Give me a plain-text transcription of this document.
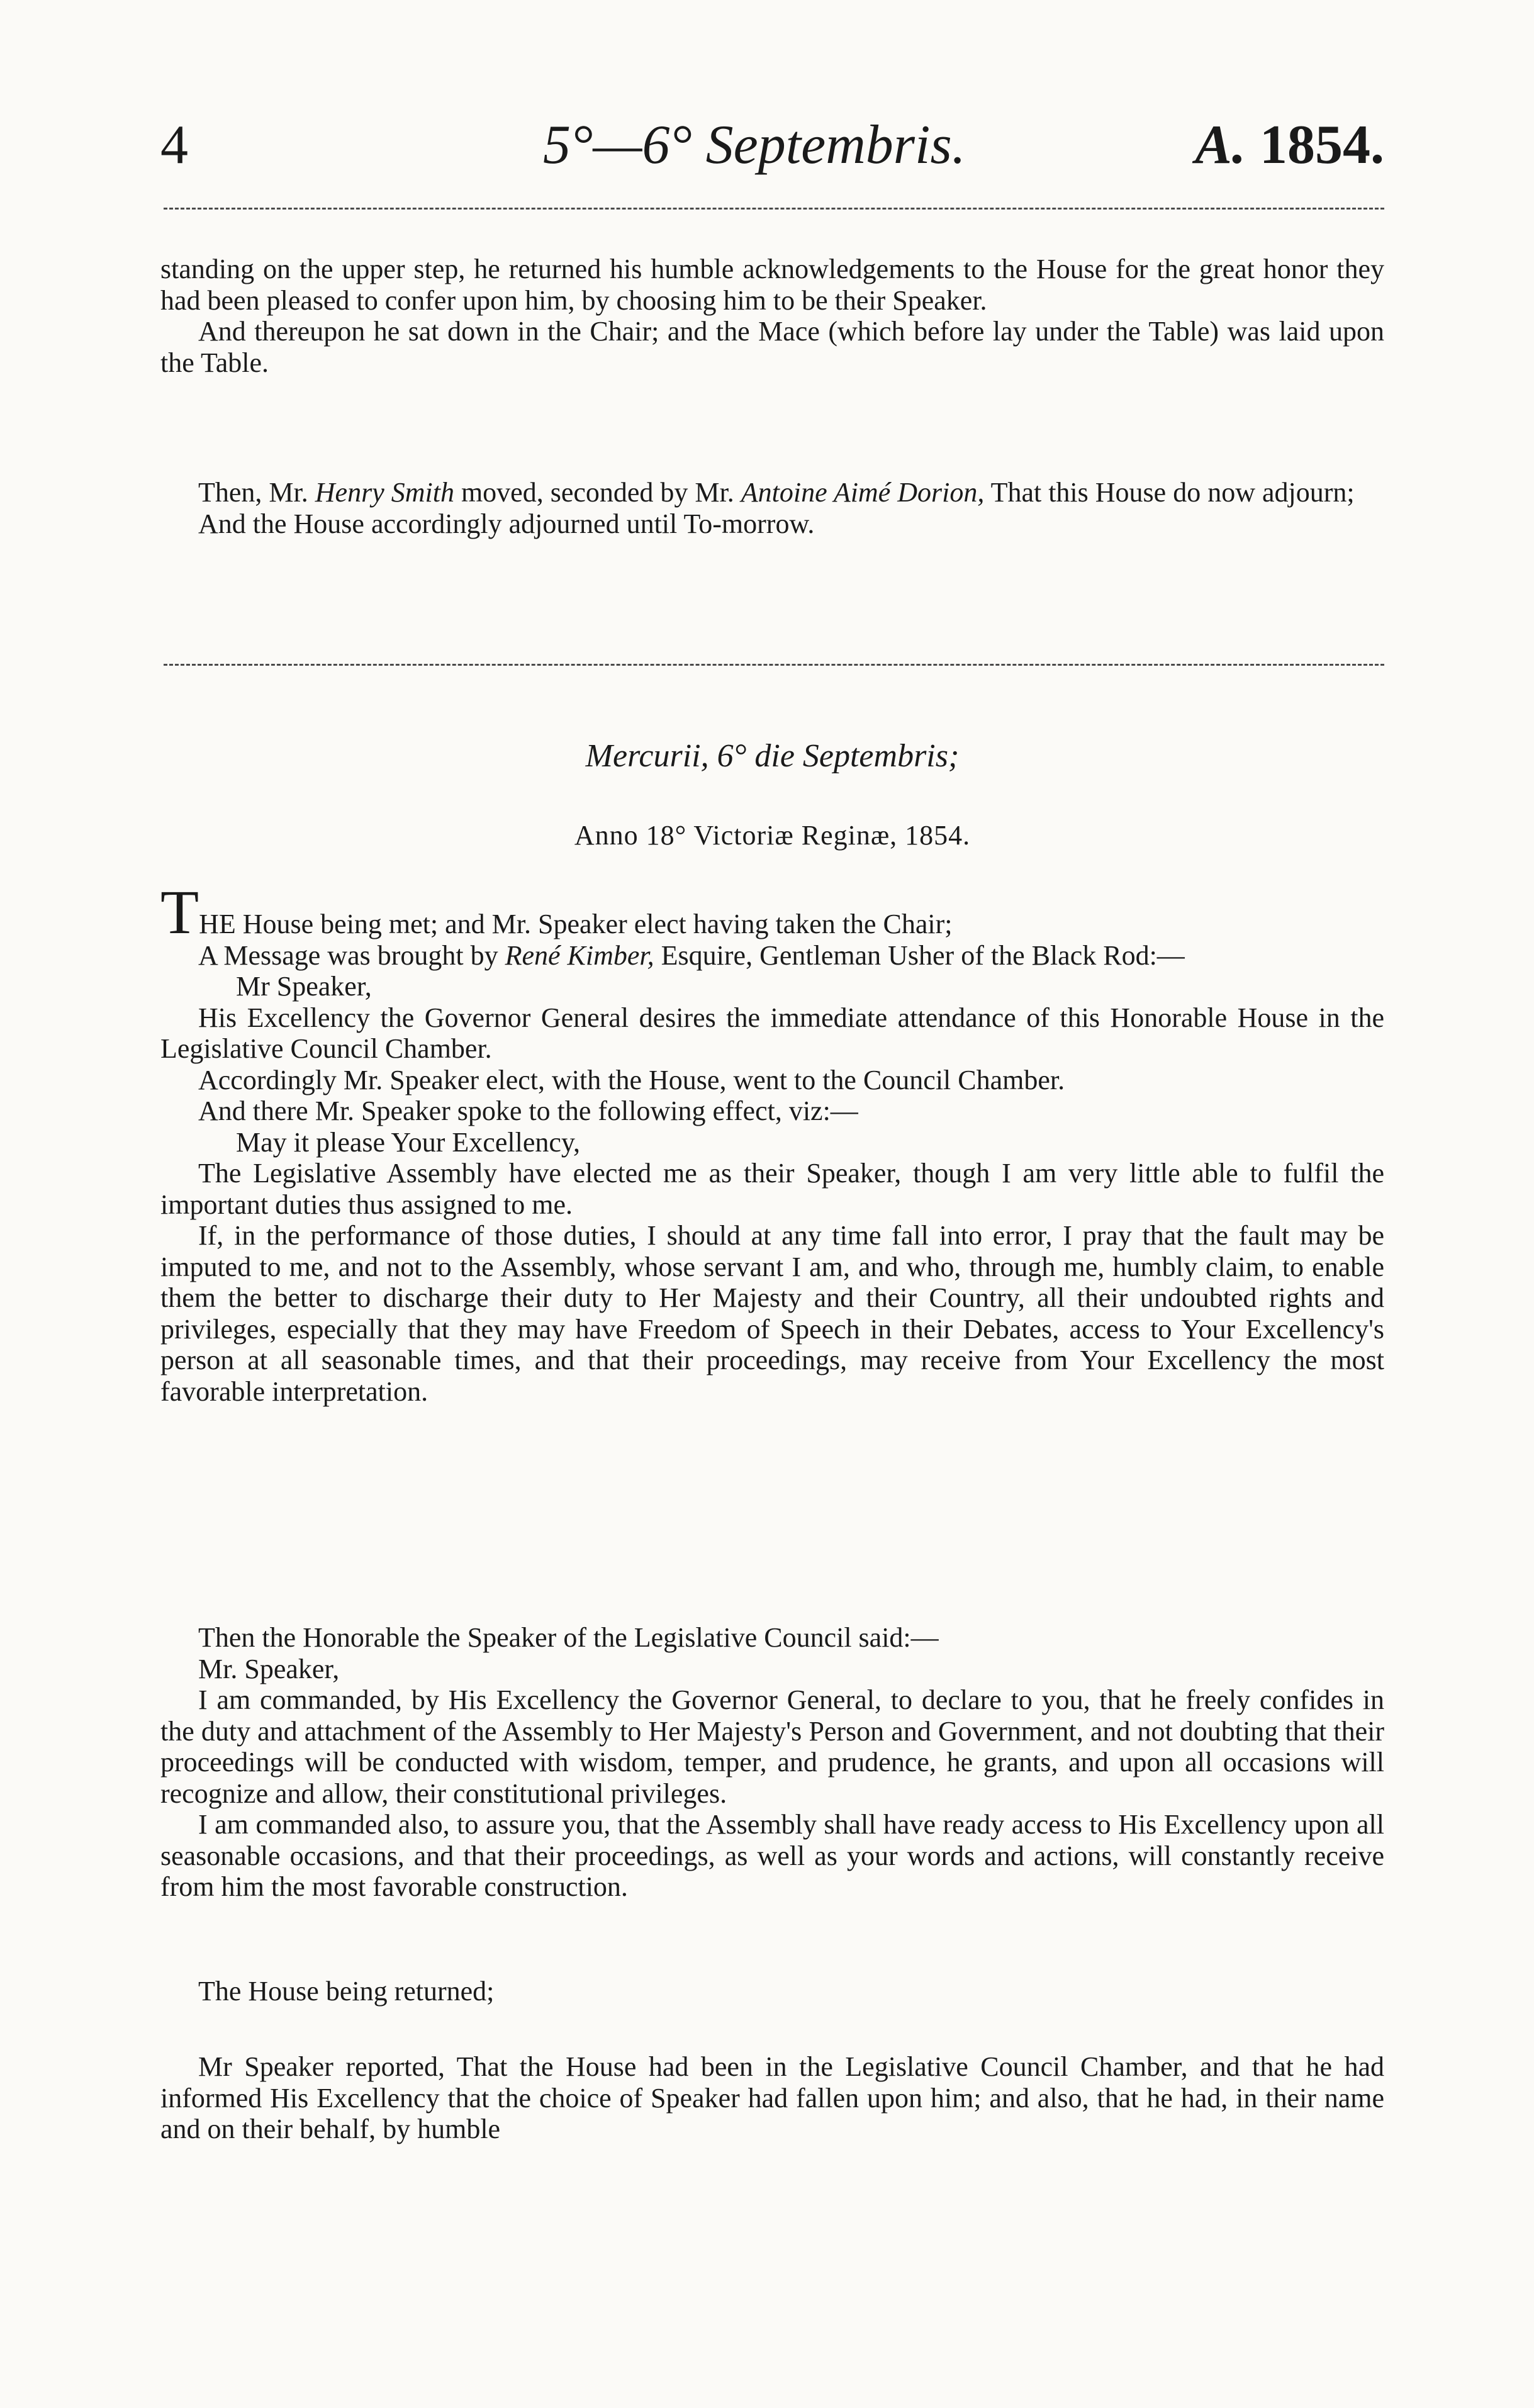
4	5°—6° Septembris.	A. 1854.

standing on the upper step, he returned his humble acknowledgements to the House for the great honor they had been pleased to confer upon him, by choosing him to be their Speaker.

And thereupon he sat down in the Chair; and the Mace (which before lay under the Table) was laid upon the Table.

Then, Mr. Henry Smith moved, seconded by Mr. Antoine Aimé Dorion, That this House do now adjourn;

And the House accordingly adjourned until To-morrow.

Mercurii, 6° die Septembris;
Anno 18° Victoriæ Reginæ, 1854.

THE House being met; and Mr. Speaker elect having taken the Chair;

A Message was brought by René Kimber, Esquire, Gentleman Usher of the Black Rod:—

Mr Speaker,

His Excellency the Governor General desires the immediate attendance of this Honorable House in the Legislative Council Chamber.

Accordingly Mr. Speaker elect, with the House, went to the Council Chamber.

And there Mr. Speaker spoke to the following effect, viz:—

May it please Your Excellency,

The Legislative Assembly have elected me as their Speaker, though I am very little able to fulfil the important duties thus assigned to me.

If, in the performance of those duties, I should at any time fall into error, I pray that the fault may be imputed to me, and not to the Assembly, whose servant I am, and who, through me, humbly claim, to enable them the better to discharge their duty to Her Majesty and their Country, all their undoubted rights and privileges, especially that they may have Freedom of Speech in their Debates, access to Your Excellency's person at all seasonable times, and that their proceedings, may receive from Your Excellency the most favorable interpretation.

Then the Honorable the Speaker of the Legislative Council said:—

Mr. Speaker,

I am commanded, by His Excellency the Governor General, to declare to you, that he freely confides in the duty and attachment of the Assembly to Her Majesty's Person and Government, and not doubting that their proceedings will be conducted with wisdom, temper, and prudence, he grants, and upon all occasions will recognize and allow, their constitutional privileges.

I am commanded also, to assure you, that the Assembly shall have ready access to His Excellency upon all seasonable occasions, and that their proceedings, as well as your words and actions, will constantly receive from him the most favorable construction.

The House being returned;

Mr Speaker reported, That the House had been in the Legislative Council Chamber, and that he had informed His Excellency that the choice of Speaker had fallen upon him; and also, that he had, in their name and on their behalf, by humble
